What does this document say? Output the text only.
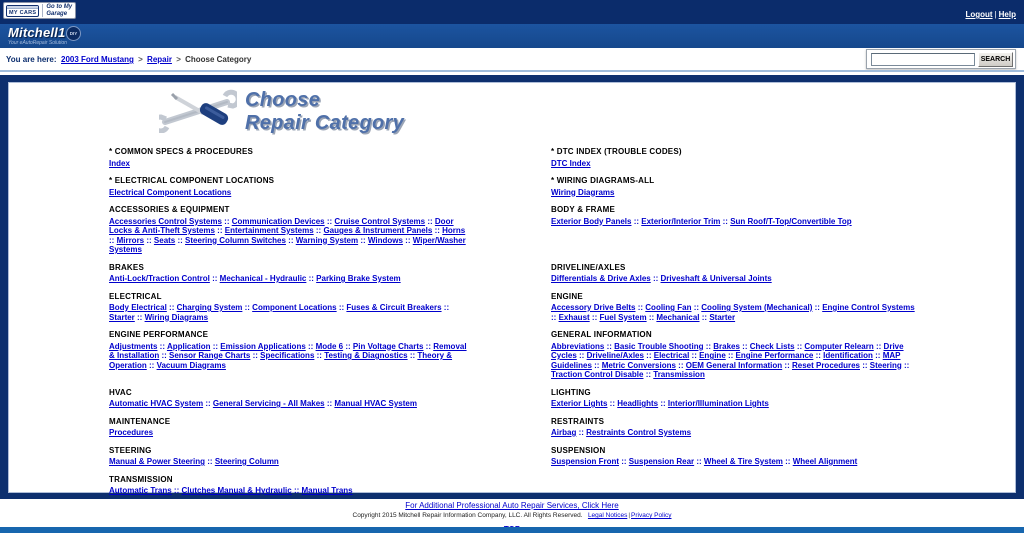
MY CARS
Go to My
Garage	Logout | Help
Mitchell1
Your eAutoRepair Solution
DIY
You are here: 2003 Ford Mustang > Repair > Choose Category	SEARCH
Choose
Repair Category
* COMMON SPECS & PROCEDURES
Index
* DTC INDEX (TROUBLE CODES)
DTC Index
* ELECTRICAL COMPONENT LOCATIONS
Electrical Component Locations
* WIRING DIAGRAMS-ALL
Wiring Diagrams
ACCESSORIES & EQUIPMENT
Accessories Control Systems :: Communication Devices :: Cruise Control Systems :: Door Locks & Anti-Theft Systems :: Entertainment Systems :: Gauges & Instrument Panels :: Horns :: Mirrors :: Seats :: Steering Column Switches :: Warning System :: Windows :: Wiper/Washer Systems
BODY & FRAME
Exterior Body Panels :: Exterior/Interior Trim :: Sun Roof/T-Top/Convertible Top
BRAKES
Anti-Lock/Traction Control :: Mechanical - Hydraulic :: Parking Brake System
DRIVELINE/AXLES
Differentials & Drive Axles :: Driveshaft & Universal Joints
ELECTRICAL
Body Electrical :: Charging System :: Component Locations :: Fuses & Circuit Breakers :: Starter :: Wiring Diagrams
ENGINE
Accessory Drive Belts :: Cooling Fan :: Cooling System (Mechanical) :: Engine Control Systems :: Exhaust :: Fuel System :: Mechanical :: Starter
ENGINE PERFORMANCE
Adjustments :: Application :: Emission Applications :: Mode 6 :: Pin Voltage Charts :: Removal & Installation :: Sensor Range Charts :: Specifications :: Testing & Diagnostics :: Theory & Operation :: Vacuum Diagrams
GENERAL INFORMATION
Abbreviations :: Basic Trouble Shooting :: Brakes :: Check Lists :: Computer Relearn :: Drive Cycles :: Driveline/Axles :: Electrical :: Engine :: Engine Performance :: Identification :: MAP Guidelines :: Metric Conversions :: OEM General Information :: Reset Procedures :: Steering :: Traction Control Disable :: Transmission
HVAC
Automatic HVAC System :: General Servicing - All Makes :: Manual HVAC System
LIGHTING
Exterior Lights :: Headlights :: Interior/Illumination Lights
MAINTENANCE
Procedures
RESTRAINTS
Airbag :: Restraints Control Systems
STEERING
Manual & Power Steering :: Steering Column
SUSPENSION
Suspension Front :: Suspension Rear :: Wheel & Tire System :: Wheel Alignment
TRANSMISSION
Automatic Trans :: Clutches Manual & Hydraulic :: Manual Trans
For Additional Professional Auto Repair Services, Click Here
Copyright 2015 Mitchell Repair Information Company, LLC. All Rights Reserved. Legal Notices|Privacy Policy
